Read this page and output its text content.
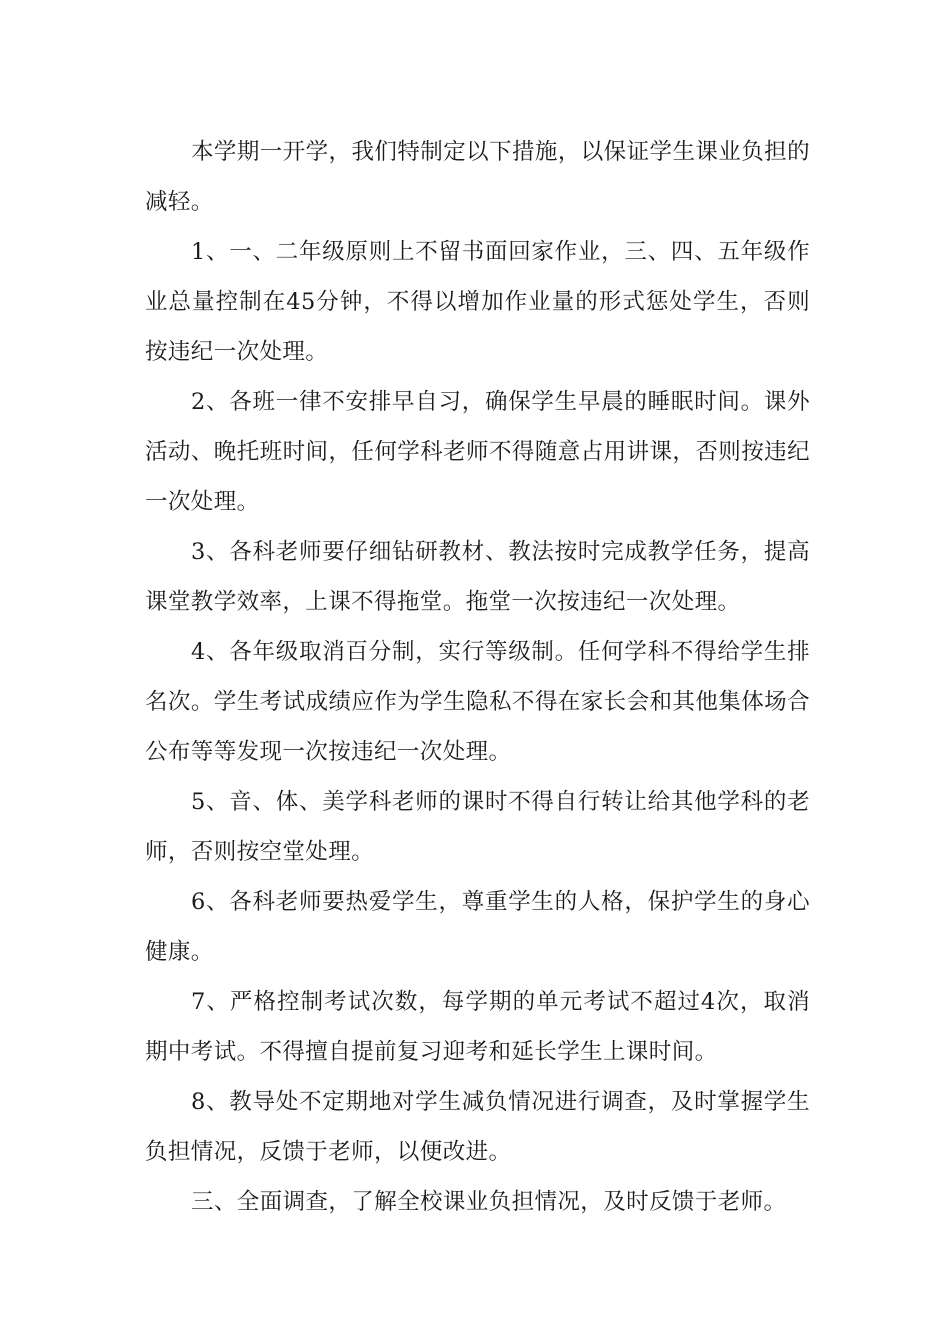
本学期一开学，我们特制定以下措施，以保证学生课业负担的减轻。

1、一、二年级原则上不留书面回家作业，三、四、五年级作业总量控制在45分钟，不得以增加作业量的形式惩处学生，否则按违纪一次处理。

2、各班一律不安排早自习，确保学生早晨的睡眠时间。课外活动、晚托班时间，任何学科老师不得随意占用讲课，否则按违纪一次处理。

3、各科老师要仔细钻研教材、教法按时完成教学任务，提高课堂教学效率，上课不得拖堂。拖堂一次按违纪一次处理。

4、各年级取消百分制，实行等级制。任何学科不得给学生排名次。学生考试成绩应作为学生隐私不得在家长会和其他集体场合公布等等发现一次按违纪一次处理。

5、音、体、美学科老师的课时不得自行转让给其他学科的老师，否则按空堂处理。

6、各科老师要热爱学生，尊重学生的人格，保护学生的身心健康。

7、严格控制考试次数，每学期的单元考试不超过4次，取消期中考试。不得擅自提前复习迎考和延长学生上课时间。

8、教导处不定期地对学生减负情况进行调查，及时掌握学生负担情况，反馈于老师，以便改进。

三、全面调查，了解全校课业负担情况，及时反馈于老师。
